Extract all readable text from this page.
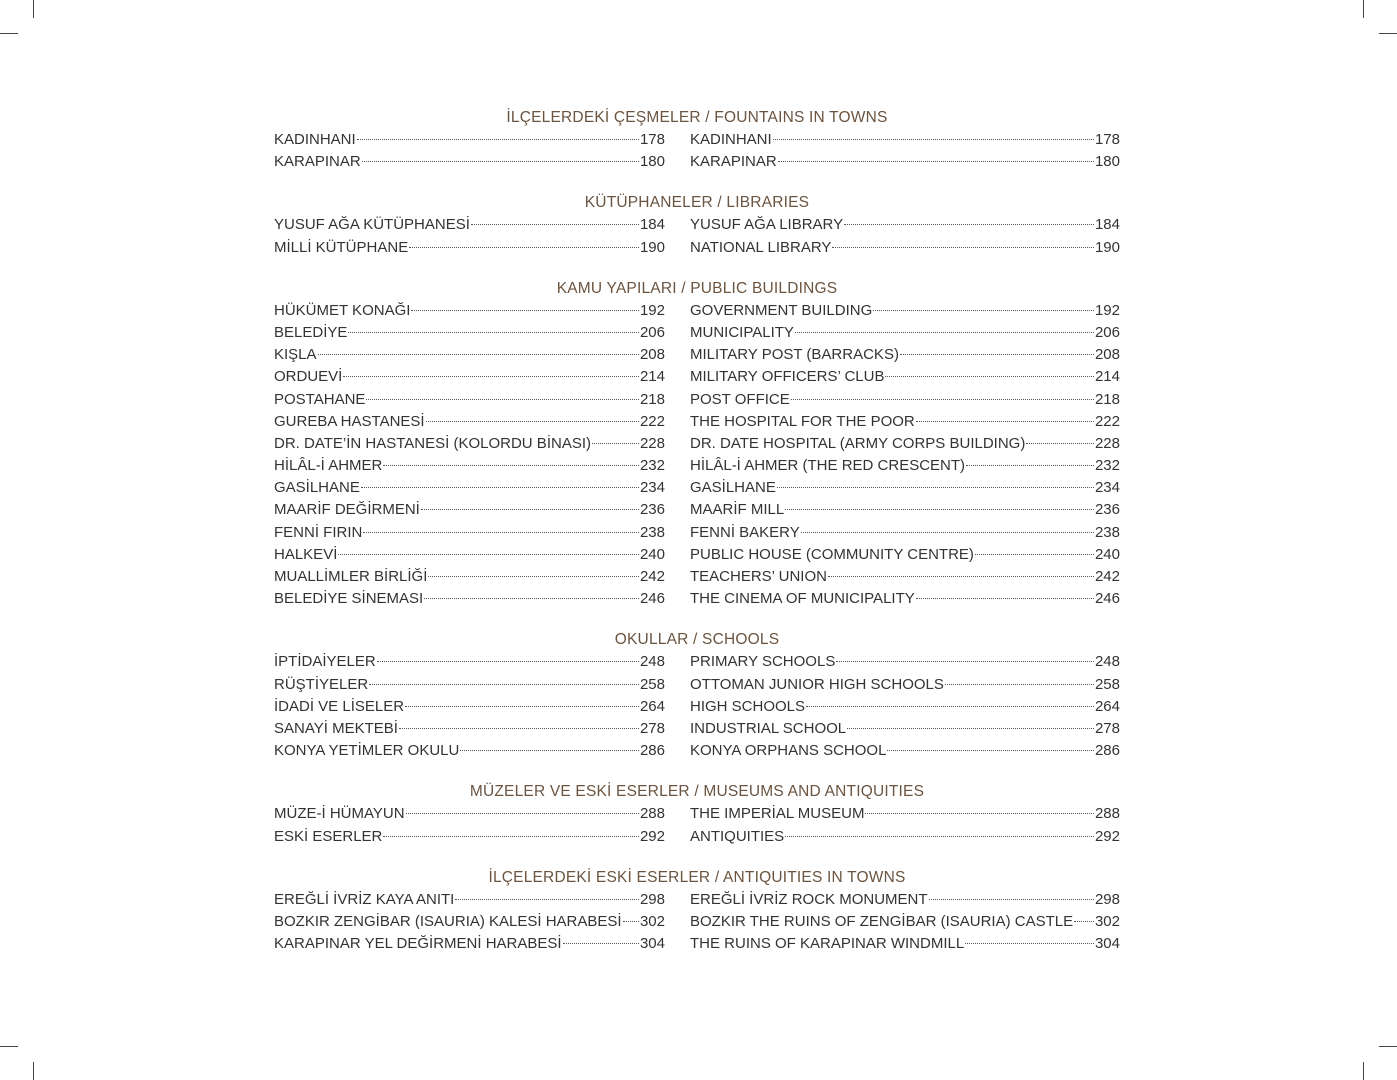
İLÇELERDEKİ ÇEŞMELER / FOUNTAINS IN TOWNS
KADINHANI	178 KADINHANI	178
KARAPINAR	180 KARAPINAR	180
KÜTÜPHANELER / LIBRARIES
YUSUF AĞA KÜTÜPHANESİ	184 YUSUF AĞA LIBRARY	184
MİLLİ KÜTÜPHANE	190 NATIONAL LIBRARY	190
KAMU YAPILARI / PUBLIC BUILDINGS
HÜKÜMET KONAĞI	192 GOVERNMENT BUILDING	192
BELEDİYE	206 MUNICIPALITY	206
KIŞLA	208 MILITARY POST (BARRACKS)	208
ORDUEVİ	214 MILITARY OFFICERS’ CLUB	214
POSTAHANE	218 POST OFFICE	218
GUREBA HASTANESİ	222 THE HOSPITAL FOR THE POOR	222
DR. DATE’İN HASTANESİ (KOLORDU BİNASI)	228 DR. DATE HOSPITAL (ARMY CORPS BUILDING)	228
HİLÂL-İ AHMER	232 HİLÂL-İ AHMER (THE RED CRESCENT)	232
GASİLHANE	234 GASİLHANE	234
MAARİF DEĞİRMENİ	236 MAARİF MILL	236
FENNİ FIRIN	238 FENNİ BAKERY	238
HALKEVİ	240 PUBLIC HOUSE (COMMUNITY CENTRE)	240
MUALLİMLER BİRLİĞİ	242 TEACHERS’ UNION	242
BELEDİYE SİNEMASI	246 THE CINEMA OF MUNICIPALITY	246
OKULLAR / SCHOOLS
İPTİDAİYELER	248 PRIMARY SCHOOLS	248
RÜŞTİYELER	258 OTTOMAN JUNIOR HIGH SCHOOLS	258
İDADİ VE LİSELER	264 HIGH SCHOOLS	264
SANAYİ MEKTEBİ	278 INDUSTRIAL SCHOOL	278
KONYA YETİMLER OKULU	286 KONYA ORPHANS SCHOOL	286
MÜZELER VE ESKİ ESERLER / MUSEUMS AND ANTIQUITIES
MÜZE-İ HÜMAYUN	288 THE IMPERİAL MUSEUM	288
ESKİ ESERLER	292 ANTIQUITIES	292
İLÇELERDEKİ ESKİ ESERLER / ANTIQUITIES IN TOWNS
EREĞLİ İVRİZ KAYA ANITI	298 EREĞLİ İVRİZ ROCK MONUMENT	298
BOZKIR ZENGİBAR (ISAURIA) KALESİ HARABESİ 302 BOZKIR THE RUINS OF ZENGİBAR (ISAURIA) CASTLE 302
KARAPINAR YEL DEĞİRMENİ HARABESİ	304 THE RUINS OF KARAPINAR WINDMILL	304
